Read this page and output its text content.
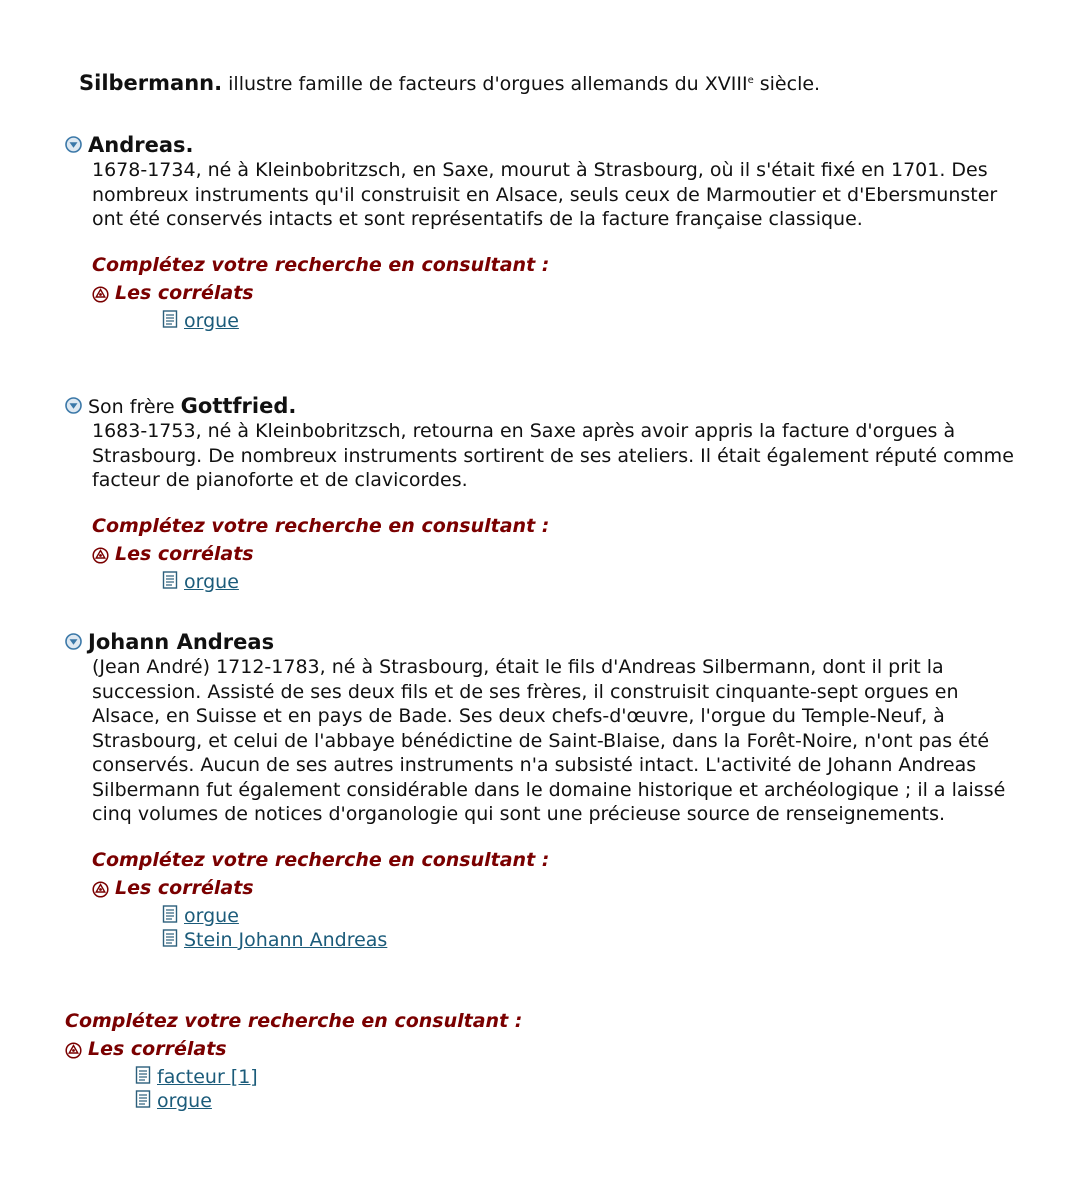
Silbermann. illustre famille de facteurs d'orgues allemands du XVIIIe siècle.
Andreas.
1678-1734, né à Kleinbobritzsch, en Saxe, mourut à Strasbourg, où il s'était fixé en 1701. Des nombreux instruments qu'il construisit en Alsace, seuls ceux de Marmoutier et d'Ebersmunster ont été conservés intacts et sont représentatifs de la facture française classique.
Complétez votre recherche en consultant :
Les corrélats
orgue
Son frère Gottfried.
1683-1753, né à Kleinbobritzsch, retourna en Saxe après avoir appris la facture d'orgues à Strasbourg. De nombreux instruments sortirent de ses ateliers. Il était également réputé comme facteur de pianoforte et de clavicordes.
Complétez votre recherche en consultant :
Les corrélats
orgue
Johann Andreas
(Jean André) 1712-1783, né à Strasbourg, était le fils d'Andreas Silbermann, dont il prit la succession. Assisté de ses deux fils et de ses frères, il construisit cinquante-sept orgues en Alsace, en Suisse et en pays de Bade. Ses deux chefs-d'œuvre, l'orgue du Temple-Neuf, à Strasbourg, et celui de l'abbaye bénédictine de Saint-Blaise, dans la Forêt-Noire, n'ont pas été conservés. Aucun de ses autres instruments n'a subsisté intact. L'activité de Johann Andreas Silbermann fut également considérable dans le domaine historique et archéologique ; il a laissé cinq volumes de notices d'organologie qui sont une précieuse source de renseignements.
Complétez votre recherche en consultant :
Les corrélats
orgue
Stein Johann Andreas
Complétez votre recherche en consultant :
Les corrélats
facteur [1]
orgue
